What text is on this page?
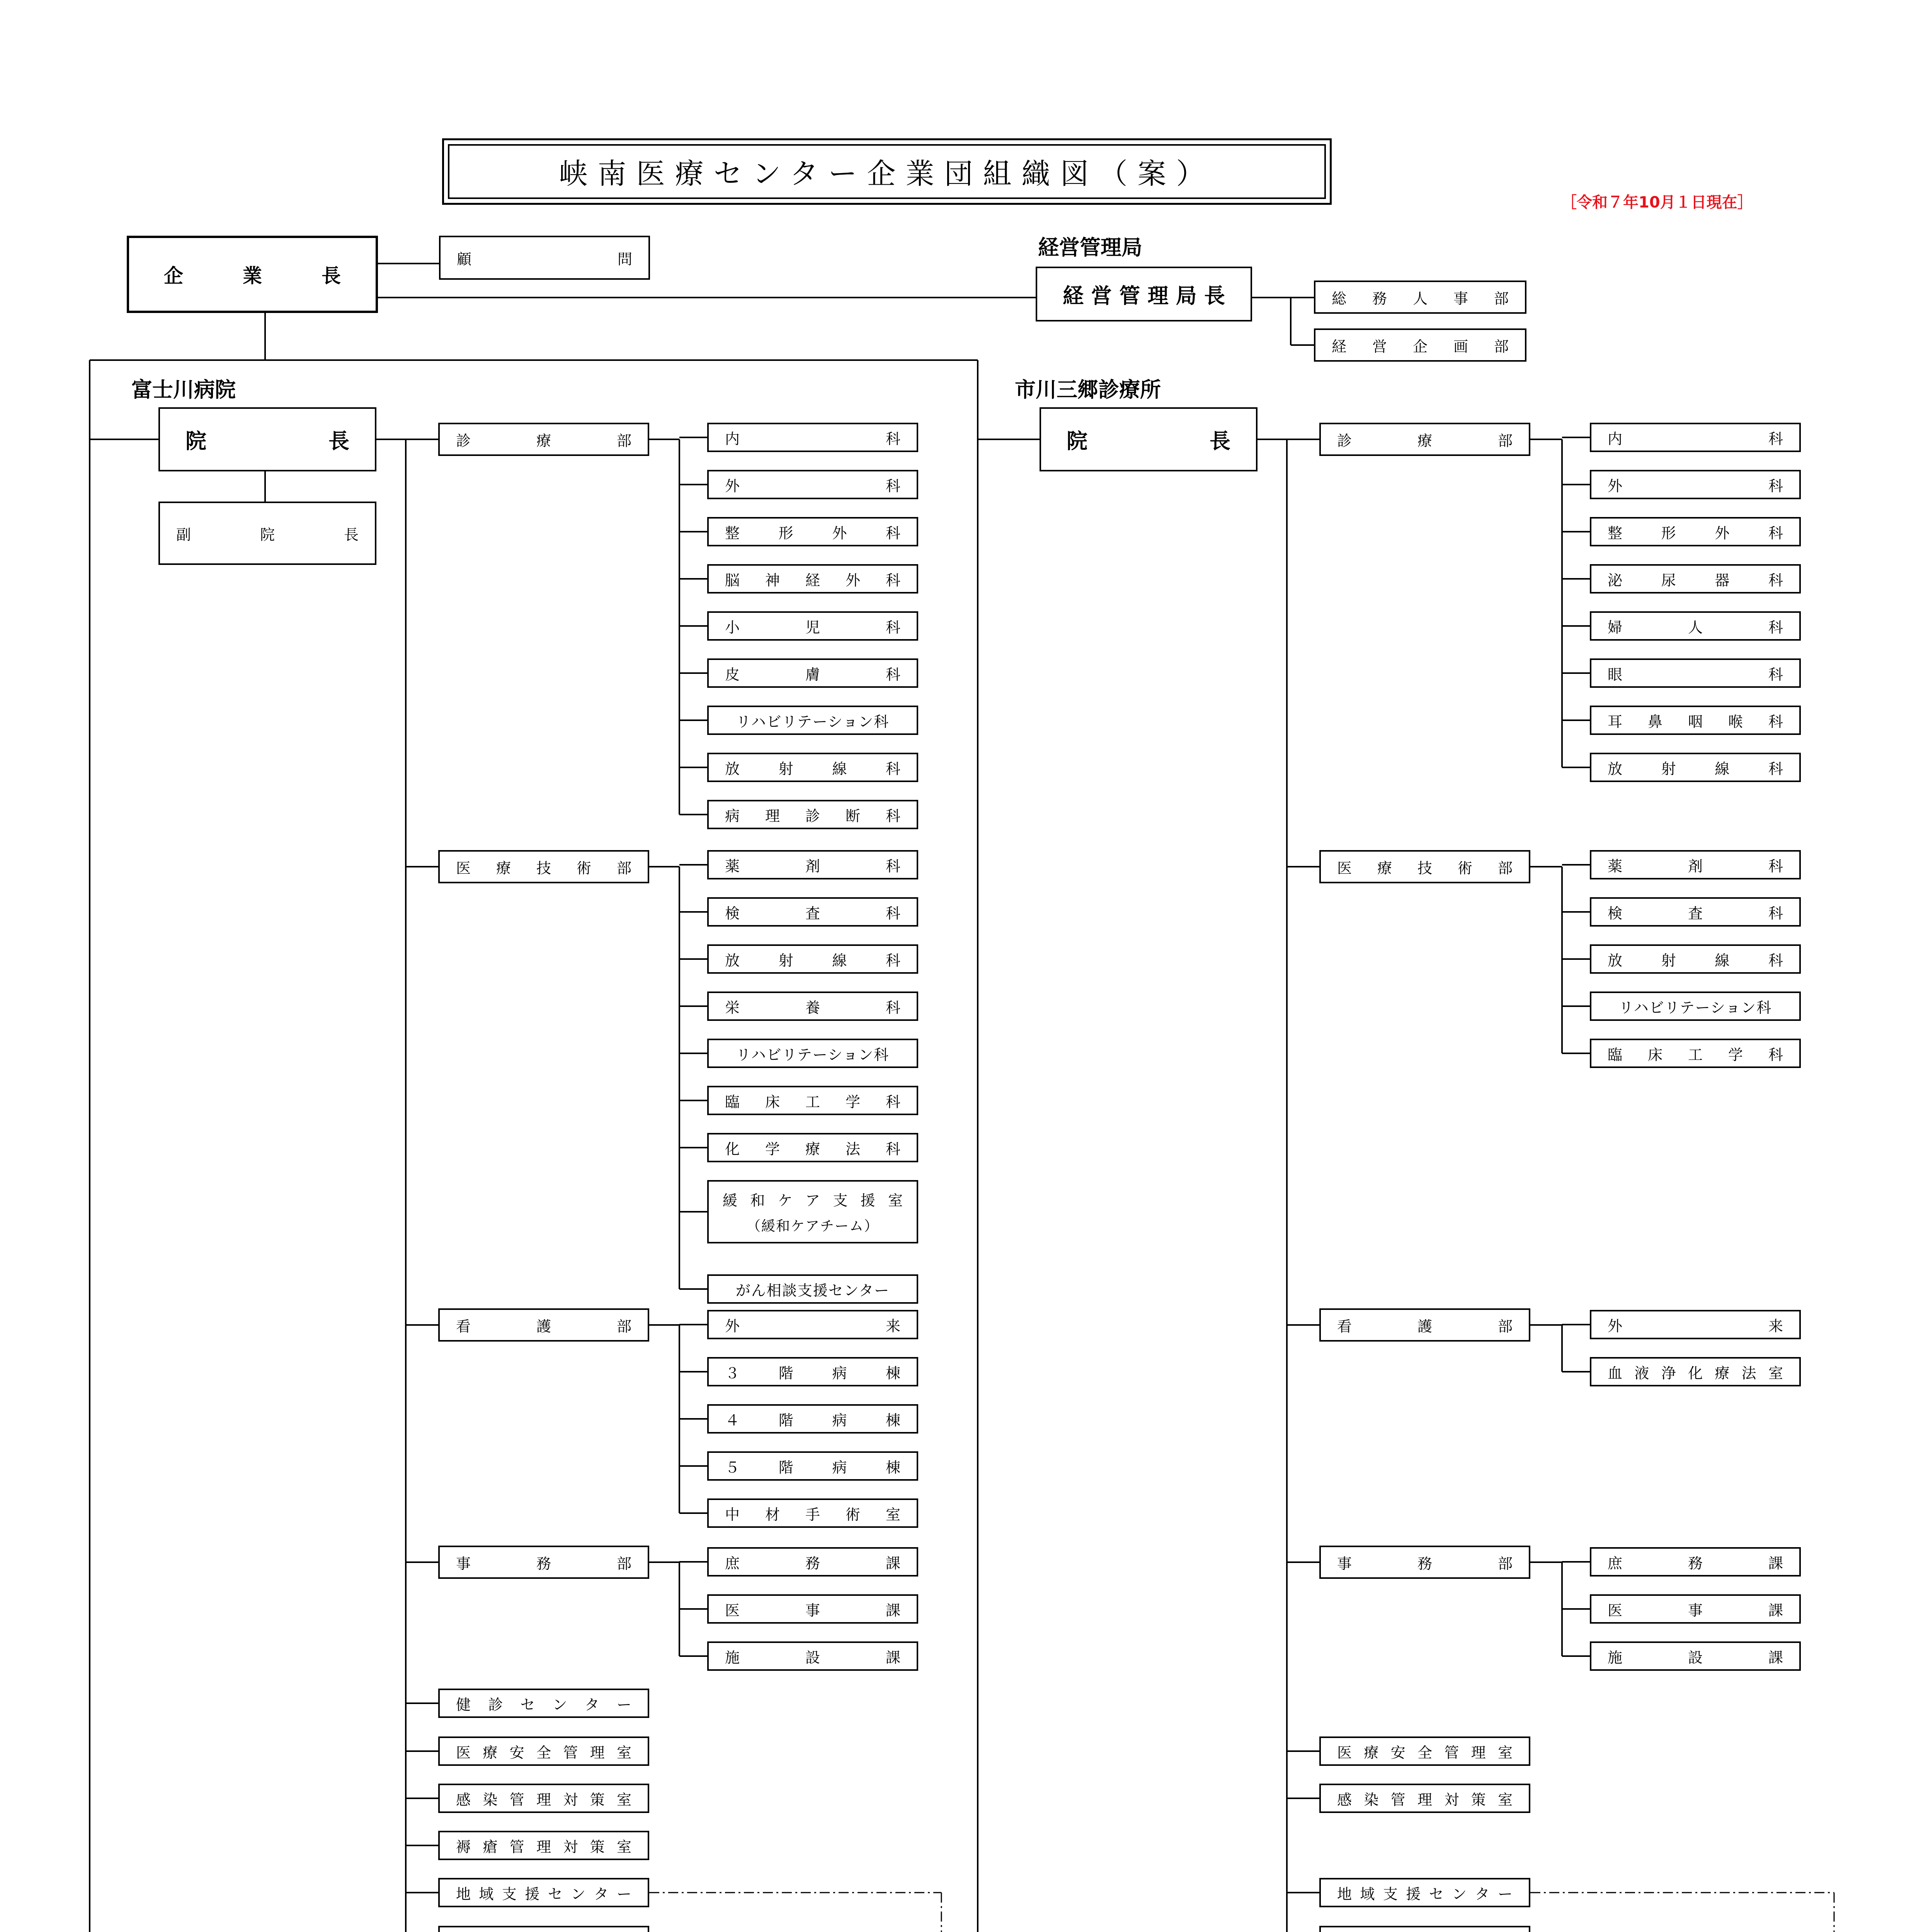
峡南医療センター企業団組織図（案）
［令和７年10月１日現在］
企
　	業
　	長
顧

　	問	経営管理局
経 営 管 理 局 長	総 務 人 事 部
経 営 企 画 部
富士川病院
院	長
副	院	長
診	療	部	内	科
外	科
整	形	外	科
脳 神 経 外 科
小	児	科
皮	膚	科
リハビリテーション科
放	射	線	科
病 理 診 断 科
医 療 技 術 部	薬	剤	科
検	査	科
放	射	線	科
栄	養	科
リハビリテーション科
臨 床 工 学 科
化 学 療 法 科
緩 和 ケ ア 支 援 室
（緩和ケアチーム）
がん相談支援センター
看	護	部	外	来
３	階	病	棟
４	階	病	棟
５	階	病	棟
中 材 手 術 室
事	務	部	庶	務	課
医	事	課
施	設	課
健 診 セ ン タ ー
医 療 安 全 管 理 室
感 染 管 理 対 策 室
褥 瘡 管 理 対 策 室
地 域 支 援 セ ン タ ー
市川三郷診療所
院	長	診	療	部	内	科
外	科
整	形	外	科
泌	尿	器	科
婦	人	科
眼	科
耳 鼻 咽 喉 科
放	射	線	科
医 療 技 術 部	薬	剤	科
検	査	科
放	射	線	科
リハビリテーション科
臨 床 工 学 科
看	護	部	外	来
血 液 浄 化 療 法 室
事	務	部	庶	務	課
医	事	課
施	設	課
医 療 安 全 管 理 室
感 染 管 理 対 策 室
地 域 支 援 セ ン タ ー
